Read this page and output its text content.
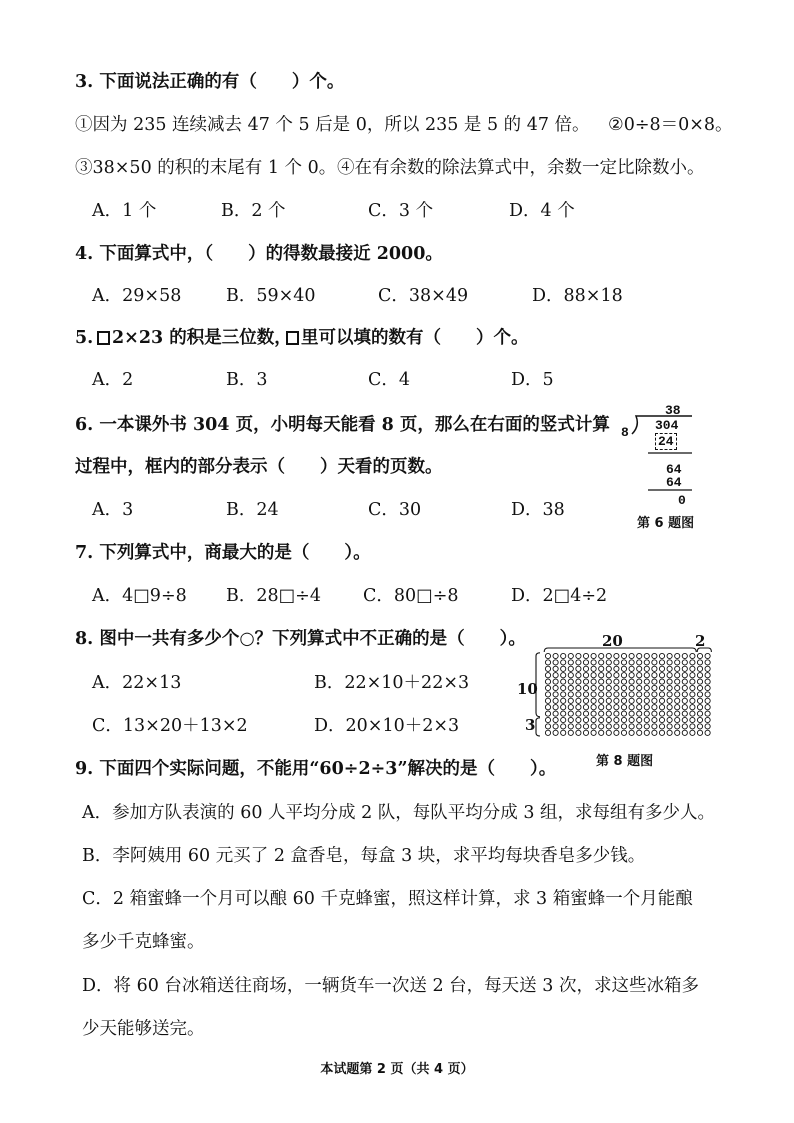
3. 下面说法正确的有（　　）个。
①因为 235 连续减去 47 个 5 后是 0，所以 235 是 5 的 47 倍。 ②0÷8＝0×8。
③38×50 的积的末尾有 1 个 0。 ④在有余数的除法算式中，余数一定比除数小。
A．1 个	B．2 个	C．3 个	D．4 个
4. 下面算式中，（　　）的得数最接近 2000。
A．29×58	B．59×40	C．38×49	D．88×18
5. 2×23 的积是三位数， 里可以填的数有（　　）个。
A．2	B．3	C．4	D．5
6. 一本课外书 304 页，小明每天能看 8 页，那么在右面的竖式计算
过程中，框内的部分表示（　　）天看的页数。
A．3	B．24	C．30	D．38
38
8 304
24
64
64
0
第 6 题图
7. 下列算式中，商最大的是（　　）。
A．4□9÷8 B．28□÷4 C．80□÷8	D．2□4÷2
8. 图中一共有多少个○？下列算式中不正确的是（　　）。
A．22×13	B．22×10＋22×3
C．13×20＋13×2	D．20×10＋2×3
20	2
10
3
第 8 题图
9. 下面四个实际问题，不能用“60÷2÷3”解决的是（　　）。
A．参加方队表演的 60 人平均分成 2 队，每队平均分成 3 组，求每组有多少人。
B．李阿姨用 60 元买了 2 盒香皂，每盒 3 块，求平均每块香皂多少钱。
C．2 箱蜜蜂一个月可以酿 60 千克蜂蜜，照这样计算，求 3 箱蜜蜂一个月能酿
多少千克蜂蜜。
D．将 60 台冰箱送往商场，一辆货车一次送 2 台，每天送 3 次，求这些冰箱多
少天能够送完。
本试题第 2 页（共 4 页）
